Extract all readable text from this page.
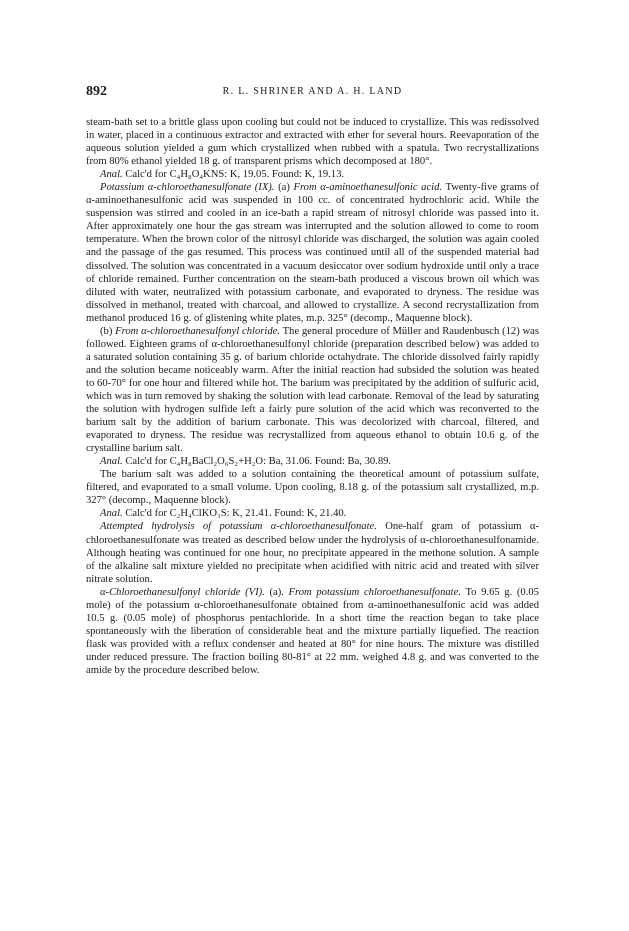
892	R. L. SHRINER AND A. H. LAND

steam-bath set to a brittle glass upon cooling but could not be induced to crystallize. This was redissolved in water, placed in a continuous extractor and extracted with ether for several hours. Reevaporation of the aqueous solution yielded a gum which crystallized when rubbed with a spatula. Two recrystallizations from 80% ethanol yielded 18 g. of transparent prisms which decomposed at 180°.

Anal. Calc'd for C₄H₈O₄KNS: K, 19.05. Found: K, 19.13.

Potassium α-chloroethanesulfonate (IX). (a) From α-aminoethanesulfonic acid. Twenty-five grams of α-aminoethanesulfonic acid was suspended in 100 cc. of concentrated hydrochloric acid. While the suspension was stirred and cooled in an ice-bath a rapid stream of nitrosyl chloride was passed into it. After approximately one hour the gas stream was interrupted and the solution allowed to come to room temperature. When the brown color of the nitrosyl chloride was discharged, the solution was again cooled and the passage of the gas resumed. This process was continued until all of the suspended material had dissolved. The solution was concentrated in a vacuum desiccator over sodium hydroxide until only a trace of chloride remained. Further concentration on the steam-bath produced a viscous brown oil which was diluted with water, neutralized with potassium carbonate, and evaporated to dryness. The residue was dissolved in methanol, treated with charcoal, and allowed to crystallize. A second recrystallization from methanol produced 16 g. of glistening white plates, m.p. 325° (decomp., Maquenne block).

(b) From α-chloroethanesulfonyl chloride. The general procedure of Müller and Raudenbusch (12) was followed. Eighteen grams of α-chloroethanesulfonyl chloride (preparation described below) was added to a saturated solution containing 35 g. of barium chloride octahydrate. The chloride dissolved fairly rapidly and the solution became noticeably warm. After the initial reaction had subsided the solution was heated to 60-70° for one hour and filtered while hot. The barium was precipitated by the addition of sulfuric acid, which was in turn removed by shaking the solution with lead carbonate. Removal of the lead by saturating the solution with hydrogen sulfide left a fairly pure solution of the acid which was reconverted to the barium salt by the addition of barium carbonate. This was decolorized with charcoal, filtered, and evaporated to dryness. The residue was recrystallized from aqueous ethanol to obtain 10.6 g. of the crystalline barium salt.

Anal. Calc'd for C₄H₈BaCl₂O₆S₂+H₂O: Ba, 31.06. Found: Ba, 30.89.

The barium salt was added to a solution containing the theoretical amount of potassium sulfate, filtered, and evaporated to a small volume. Upon cooling, 8.18 g. of the potassium salt crystallized, m.p. 327° (decomp., Maquenne block).

Anal. Calc'd for C₂H₄ClKO₃S: K, 21.41. Found: K, 21.40.

Attempted hydrolysis of potassium α-chloroethanesulfonate. One-half gram of potassium α-chloroethanesulfonate was treated as described below under the hydrolysis of α-chloroethanesulfonamide. Although heating was continued for one hour, no precipitate appeared in the methone solution. A sample of the alkaline salt mixture yielded no precipitate when acidified with nitric acid and treated with silver nitrate solution.

α-Chloroethanesulfonyl chloride (VI). (a). From potassium chloroethanesulfonate. To 9.65 g. (0.05 mole) of the potassium α-chloroethanesulfonate obtained from α-aminoethanesulfonic acid was added 10.5 g. (0.05 mole) of phosphorus pentachloride. In a short time the reaction began to take place spontaneously with the liberation of considerable heat and the mixture partially liquefied. The reaction flask was provided with a reflux condenser and heated at 80° for nine hours. The mixture was distilled under reduced pressure. The fraction boiling 80-81° at 22 mm. weighed 4.8 g. and was converted to the amide by the procedure described below.
